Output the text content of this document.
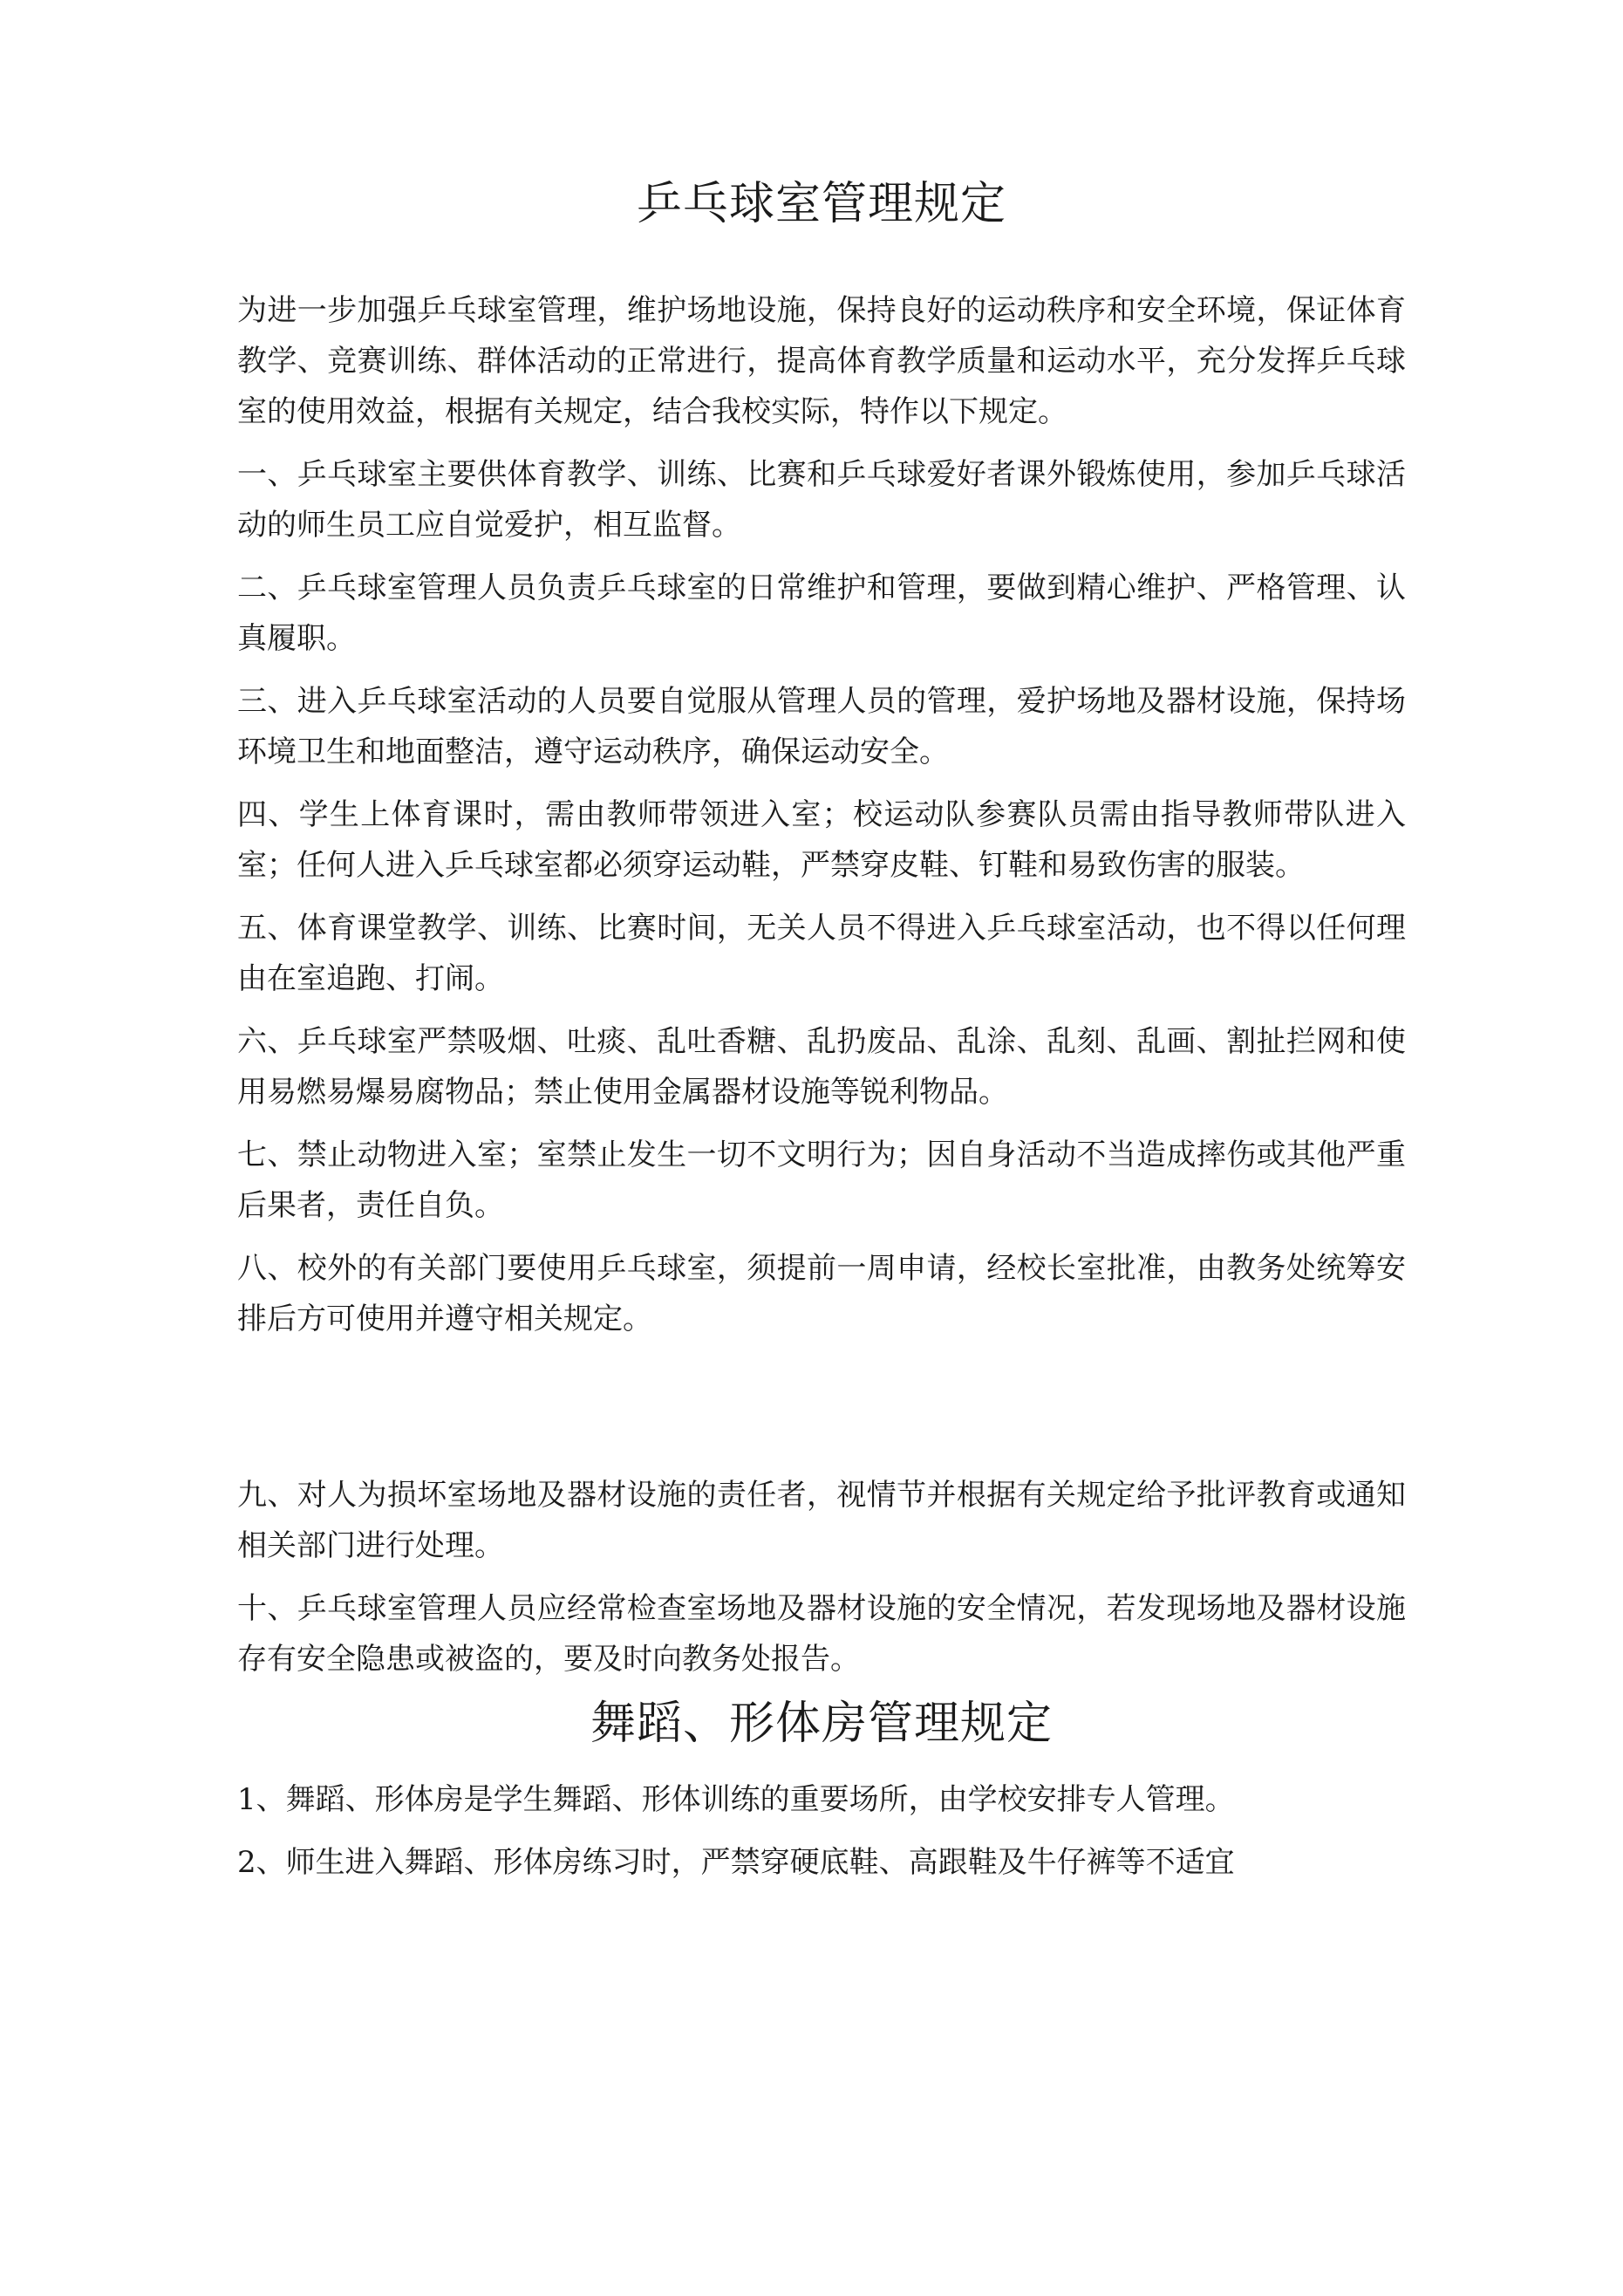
乒乓球室管理规定

为进一步加强乒乓球室管理，维护场地设施，保持良好的运动秩序和安全环境，保证体育教学、竞赛训练、群体活动的正常进行，提高体育教学质量和运动水平，充分发挥乒乓球室的使用效益，根据有关规定，结合我校实际，特作以下规定。

一、乒乓球室主要供体育教学、训练、比赛和乒乓球爱好者课外锻炼使用，参加乒乓球活动的师生员工应自觉爱护，相互监督。

二、乒乓球室管理人员负责乒乓球室的日常维护和管理，要做到精心维护、严格管理、认真履职。

三、进入乒乓球室活动的人员要自觉服从管理人员的管理，爱护场地及器材设施，保持场环境卫生和地面整洁，遵守运动秩序，确保运动安全。

四、学生上体育课时，需由教师带领进入室；校运动队参赛队员需由指导教师带队进入室；任何人进入乒乓球室都必须穿运动鞋，严禁穿皮鞋、钉鞋和易致伤害的服装。

五、体育课堂教学、训练、比赛时间，无关人员不得进入乒乓球室活动，也不得以任何理由在室追跑、打闹。

六、乒乓球室严禁吸烟、吐痰、乱吐香糖、乱扔废品、乱涂、乱刻、乱画、割扯拦网和使用易燃易爆易腐物品；禁止使用金属器材设施等锐利物品。

七、禁止动物进入室；室禁止发生一切不文明行为；因自身活动不当造成摔伤或其他严重后果者，责任自负。

八、校外的有关部门要使用乒乓球室，须提前一周申请，经校长室批准，由教务处统筹安排后方可使用并遵守相关规定。

九、对人为损坏室场地及器材设施的责任者，视情节并根据有关规定给予批评教育或通知相关部门进行处理。

十、乒乓球室管理人员应经常检查室场地及器材设施的安全情况，若发现场地及器材设施存有安全隐患或被盗的，要及时向教务处报告。

舞蹈、形体房管理规定

1、舞蹈、形体房是学生舞蹈、形体训练的重要场所，由学校安排专人管理。

2、师生进入舞蹈、形体房练习时，严禁穿硬底鞋、高跟鞋及牛仔裤等不适宜
